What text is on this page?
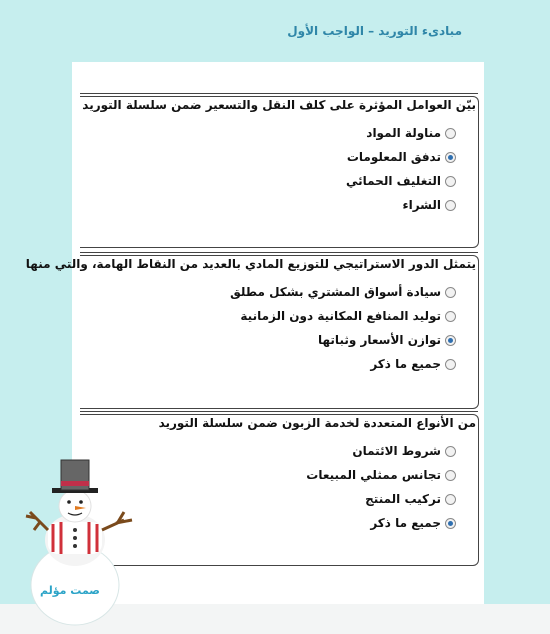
مبادىء التوريد – الواجب الأول

بيّن العوامل المؤثرة على كلف النقل والتسعير ضمن سلسلة التوريد

مناولة المواد
تدفق المعلومات
التغليف الحمائي
الشراء

يتمثل الدور الاستراتيجي للتوزيع المادي بالعديد من النقاط الهامة، والتي منها

سيادة أسواق المشتري بشكل مطلق
توليد المنافع المكانية دون الزمانية
توازن الأسعار وثباتها
جميع ما ذكر

من الأنواع المتعددة لخدمة الزبون ضمن سلسلة التوريد

شروط الائتمان
تجانس ممثلي المبيعات
تركيب المنتج
جميع ما ذكر
صمت مؤلم
